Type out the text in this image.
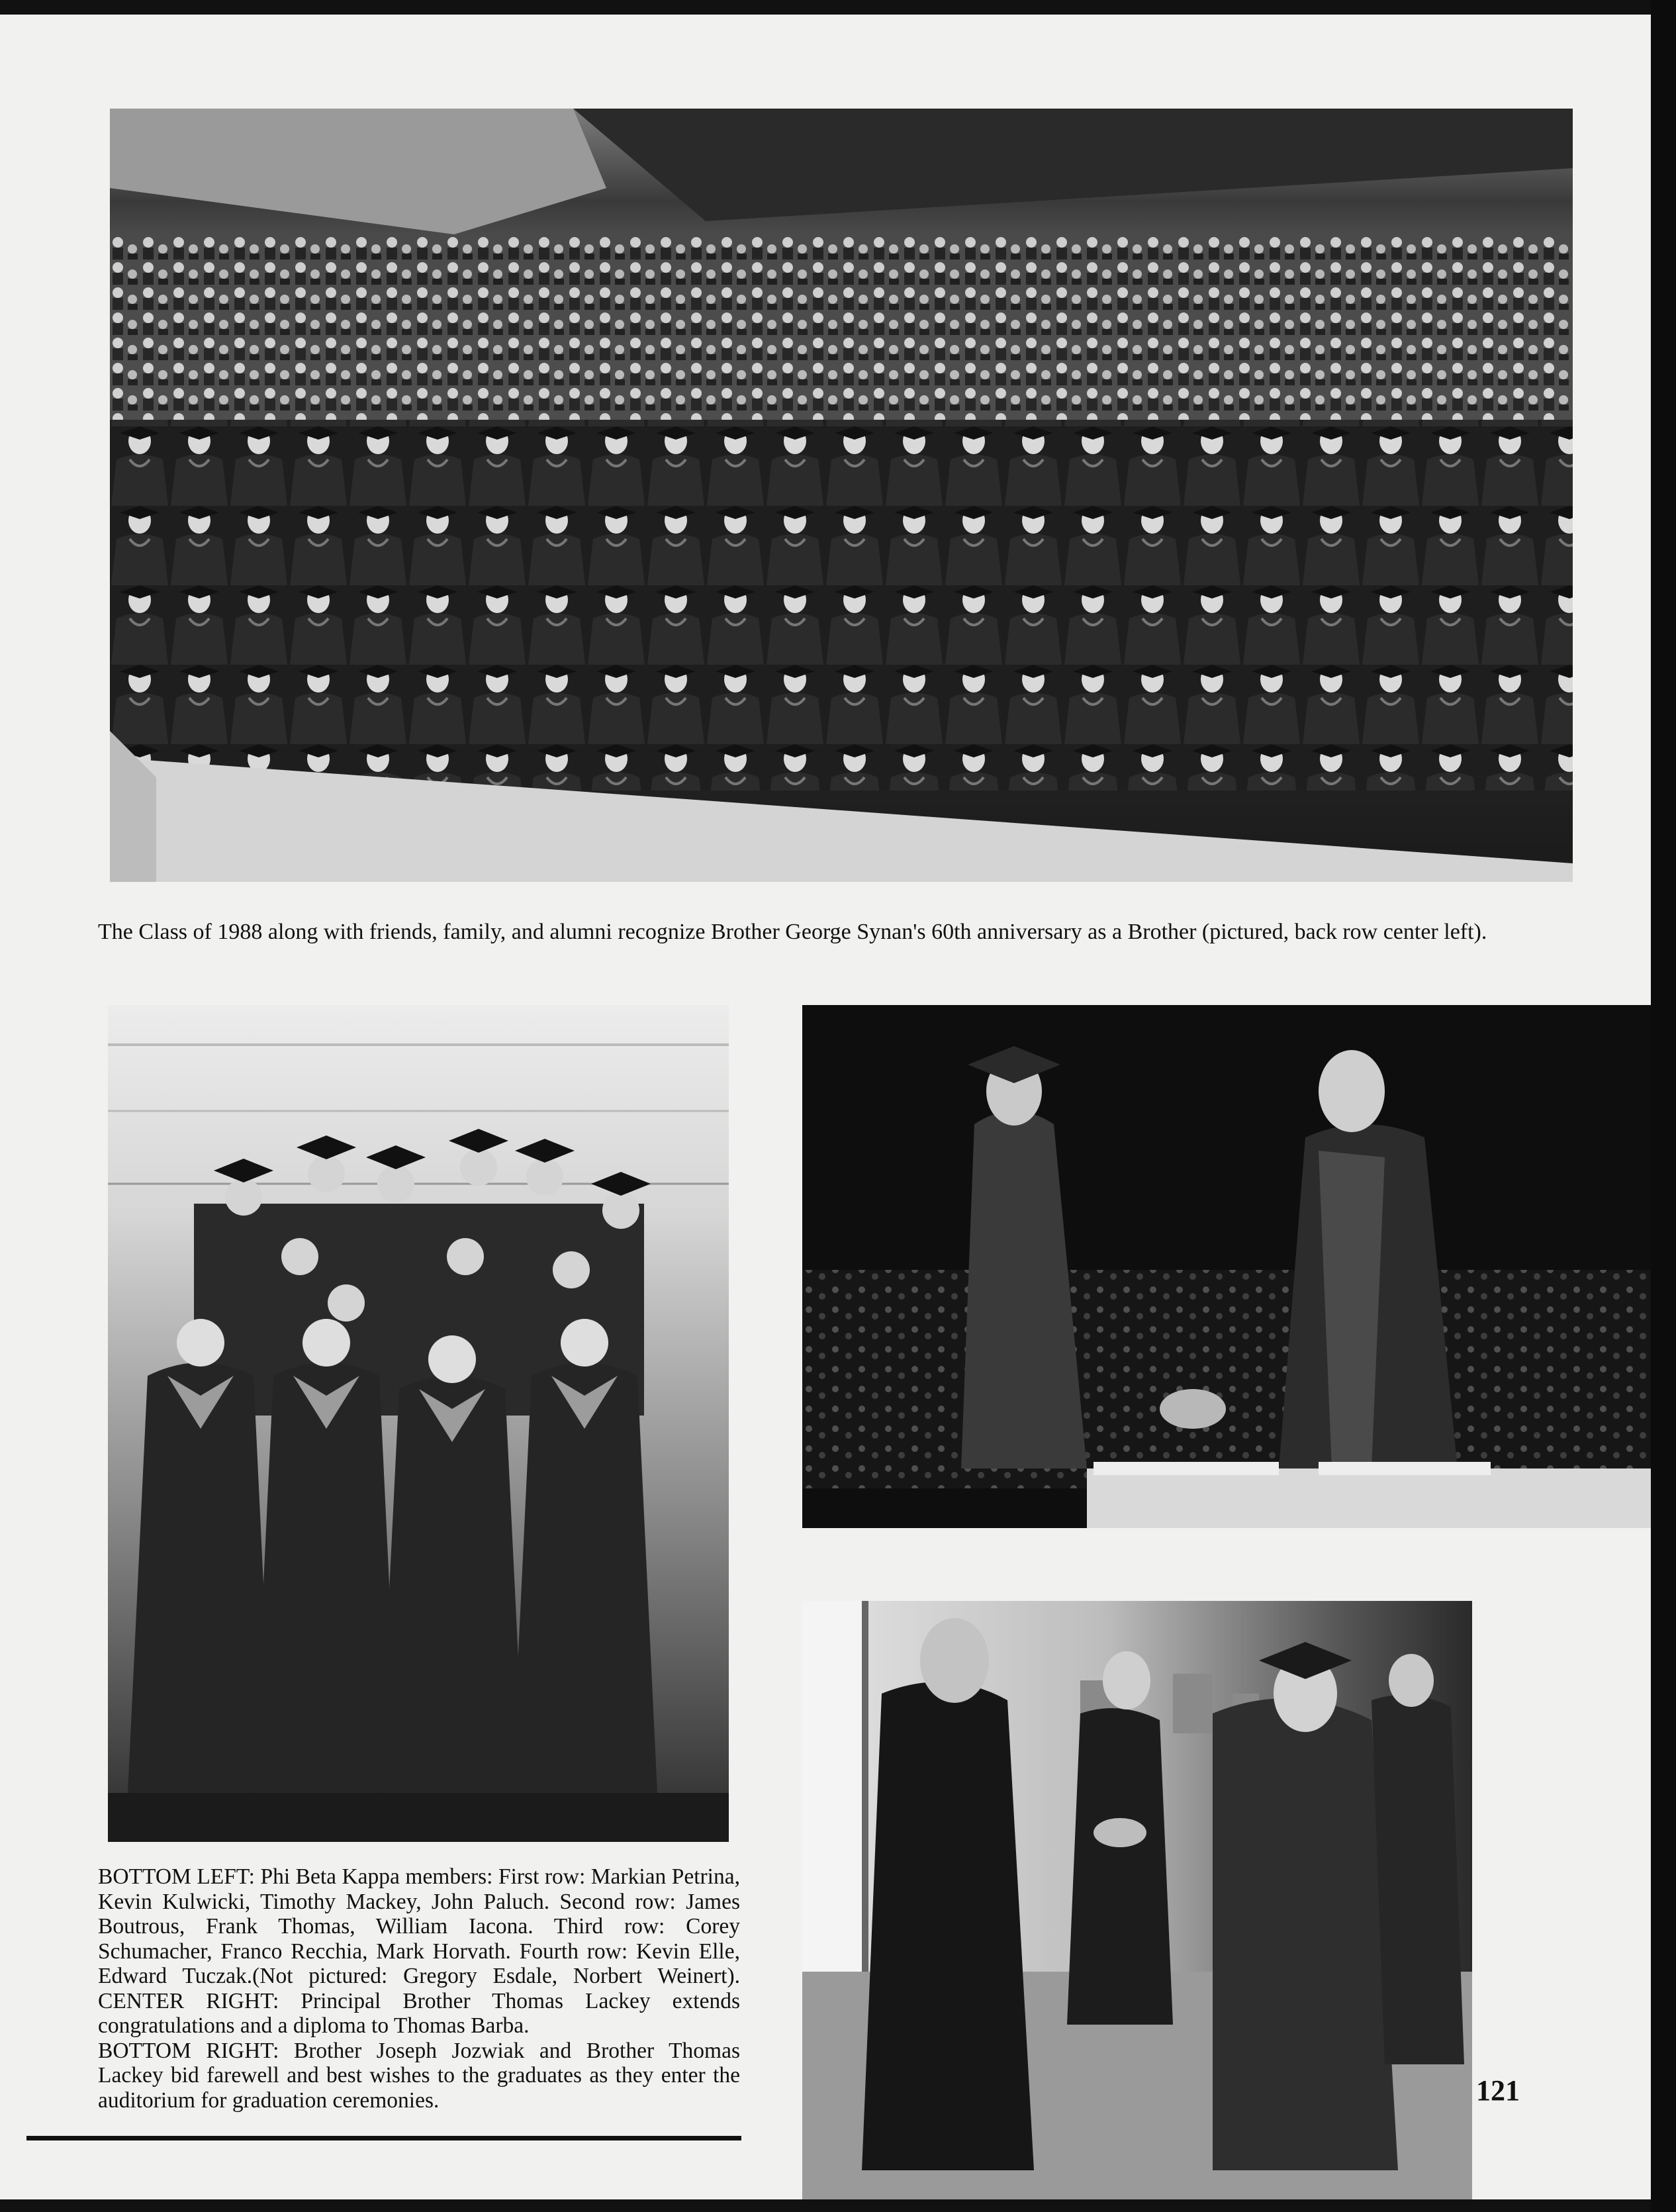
The Class of 1988 along with friends, family, and alumni recognize Brother George Synan's 60th anniversary as a Brother (pictured, back row center left).

BOTTOM LEFT: Phi Beta Kappa members: First row: Markian Petrina, Kevin Kulwicki, Timothy Mackey, John Paluch. Second row: James Boutrous, Frank Thomas, William Iacona. Third row: Corey Schumacher, Franco Recchia, Mark Horvath. Fourth row: Kevin Elle, Edward Tuczak.(Not pictured: Gregory Esdale, Norbert Weinert). CENTER RIGHT: Principal Brother Thomas Lackey extends congratulations and a diploma to Thomas Barba.

BOTTOM RIGHT: Brother Joseph Jozwiak and Brother Thomas Lackey bid farewell and best wishes to the graduates as they enter the auditorium for graduation ceremonies.	121
